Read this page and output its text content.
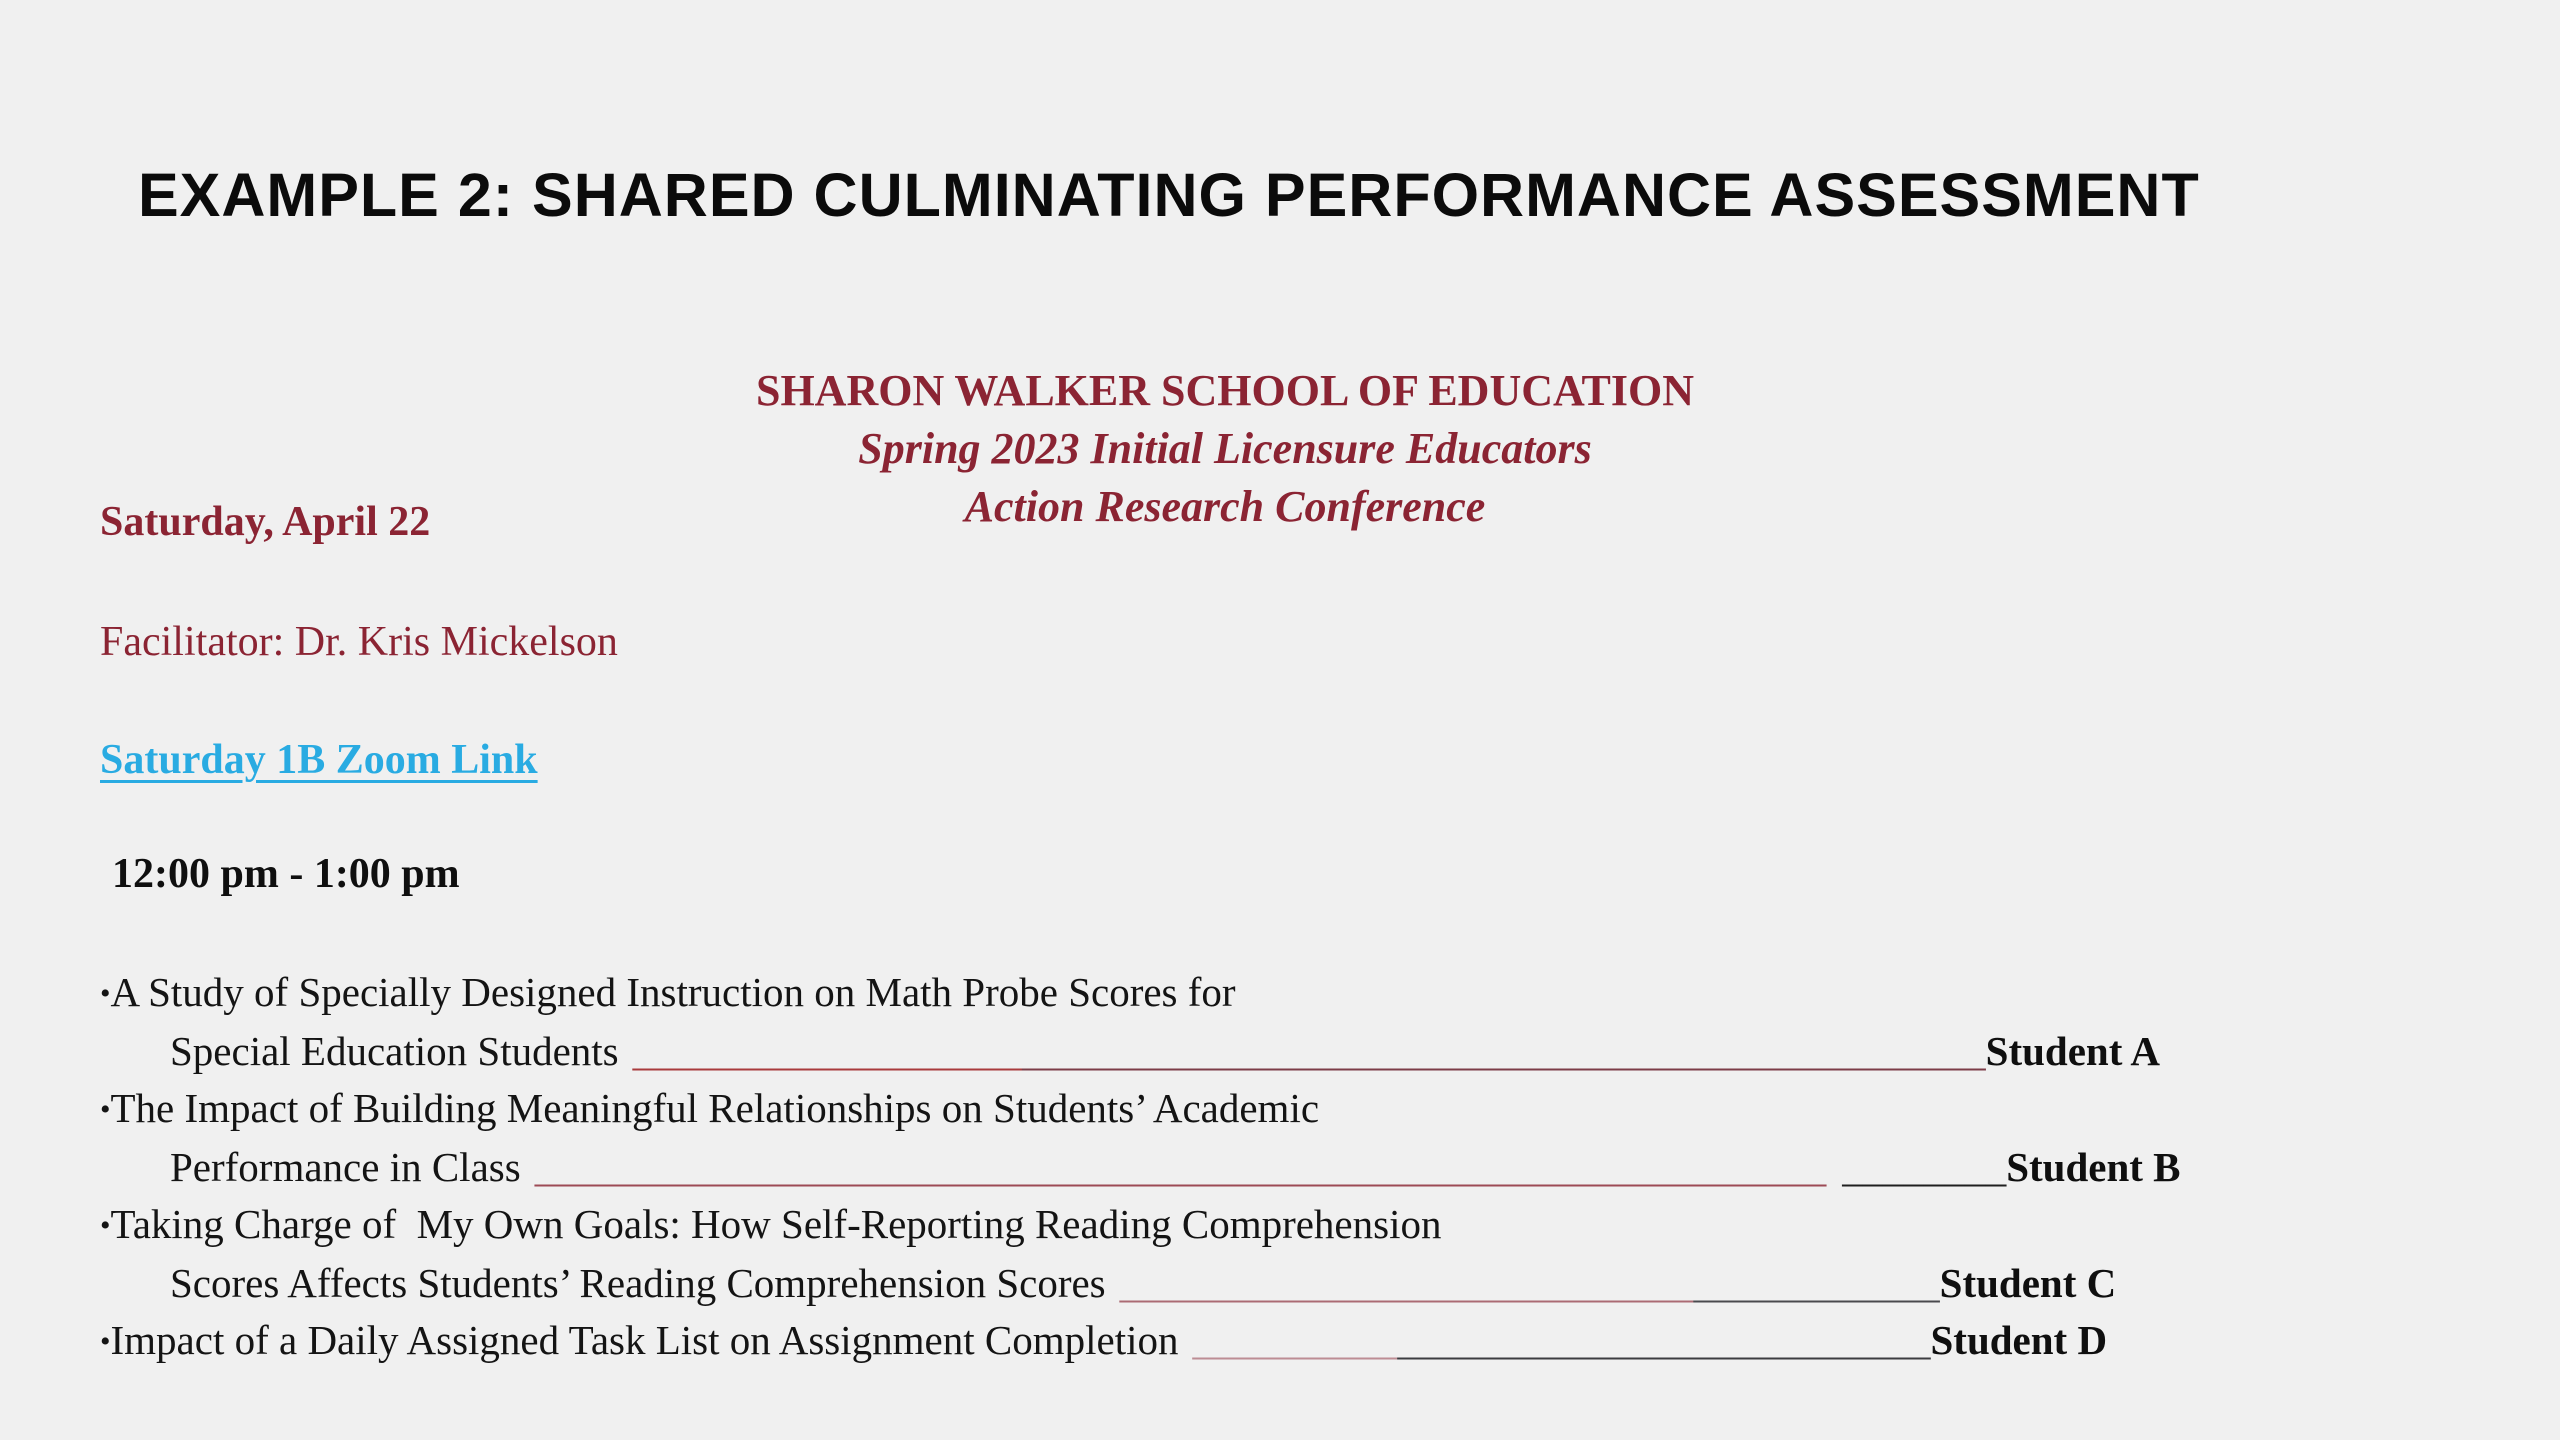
EXAMPLE 2: SHARED CULMINATING PERFORMANCE ASSESSMENT
SHARON WALKER SCHOOL OF EDUCATION
Spring 2023 Initial Licensure Educators
Action Research Conference
Saturday, April 22
Facilitator: Dr. Kris Mickelson
Saturday 1B Zoom Link
12:00 pm - 1:00 pm
•A Study of Specially Designed Instruction on Math Probe Scores for
Special Education Students __________________________________________________________________Student A
•The Impact of Building Meaningful Relationships on Students’ Academic
Performance in Class _______________________________________________________________ ________Student B
•Taking Charge of  My Own Goals: How Self-Reporting Reading Comprehension
Scores Affects Students’ Reading Comprehension Scores ________________________________________Student C
•Impact of a Daily Assigned Task List on Assignment Completion ____________________________________Student D
